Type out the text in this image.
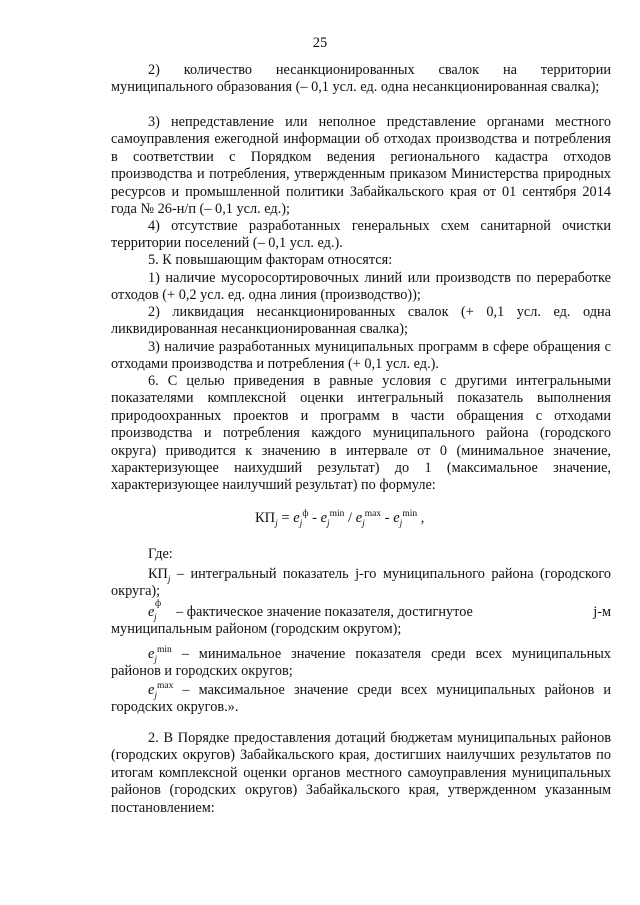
25

2) количество несанкционированных свалок на территории муниципального образования (– 0,1 усл. ед. одна несанкционированная свалка);

3) непредставление или неполное представление органами местного самоуправления ежегодной информации об отходах производства и потребления в соответствии с Порядком ведения регионального кадастра отходов производства и потребления, утвержденным приказом Министерства природных ресурсов и промышленной политики Забайкальского края от 01 сентября 2014 года № 26-н/п (– 0,1 усл. ед.);

4) отсутствие разработанных генеральных схем санитарной очистки территории поселений (– 0,1 усл. ед.).

5. К повышающим факторам относятся:

1) наличие мусоросортировочных линий или производств по переработке отходов (+ 0,2 усл. ед. одна линия (производство));

2) ликвидация несанкционированных свалок (+ 0,1 усл. ед. одна ликвидированная несанкционированная свалка);

3) наличие разработанных муниципальных программ в сфере обращения с отходами производства и потребления (+ 0,1 усл. ед.).

6. С целью приведения в равные условия с другими интегральными показателями комплексной оценки интегральный показатель выполнения природоохранных проектов и программ в части обращения с отходами производства и потребления каждого муниципального района (городского округа) приводится к значению в интервале от 0 (минимальное значение, характеризующее наихудший результат) до 1 (максимальное значение, характеризующее наилучший результат) по формуле:

$КП_j = e_j^ф - e_j^{min} / e_j^{max} - e_j^{min}$ ,
Где:
$КП_j$ – интегральный показатель j-го муниципального района (городского округа);
e ф
j – фактическое значение показателя, достигнутое	j-м
муниципальным районом (городским округом);
$e_j^{min}$ – минимальное значение показателя среди всех муниципальных районов и городских округов;
$e_j^{max}$ – максимальное значение среди всех муниципальных районов и городских округов.».

2. В Порядке предоставления дотаций бюджетам муниципальных районов (городских округов) Забайкальского края, достигших наилучших результатов по итогам комплексной оценки органов местного самоуправления муниципальных районов (городских округов) Забайкальского края, утвержденном указанным постановлением:
